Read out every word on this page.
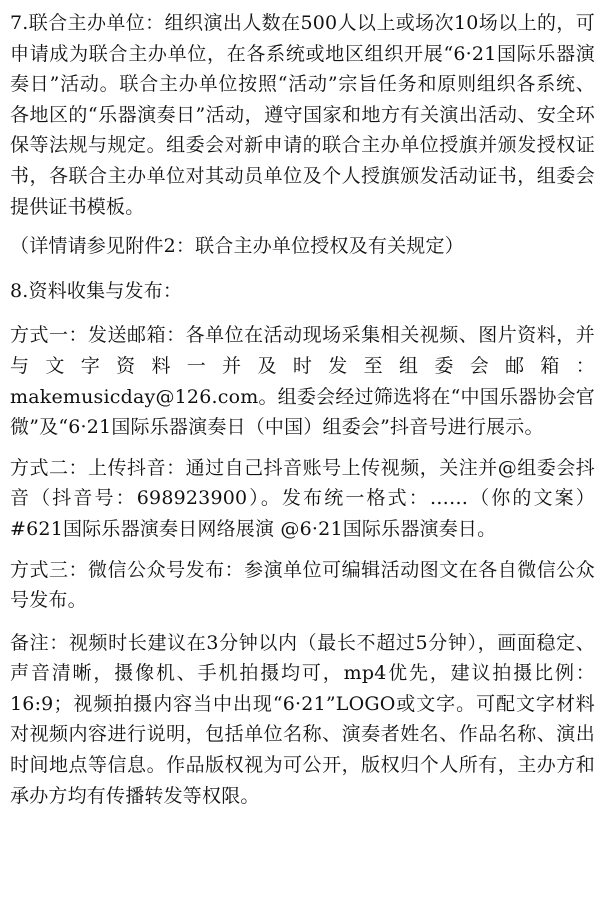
7.联合主办单位：组织演出人数在500人以上或场次10场以上的，可申请成为联合主办单位，在各系统或地区组织开展“6·21国际乐器演奏日”活动。联合主办单位按照“活动”宗旨任务和原则组织各系统、各地区的“乐器演奏日”活动，遵守国家和地方有关演出活动、安全环保等法规与规定。组委会对新申请的联合主办单位授旗并颁发授权证书，各联合主办单位对其动员单位及个人授旗颁发活动证书，组委会提供证书模板。

（详情请参见附件2：联合主办单位授权及有关规定）

8.资料收集与发布：

方式一：发送邮箱：各单位在活动现场采集相关视频、图片资料，并与文字资料一并及时发至组委会邮箱：makemusicday@126.com。组委会经过筛选将在“中国乐器协会官微”及“6·21国际乐器演奏日（中国）组委会”抖音号进行展示。

方式二：上传抖音：通过自己抖音账号上传视频，关注并@组委会抖音（抖音号：698923900）。发布统一格式：……（你的文案）#621国际乐器演奏日网络展演 @6·21国际乐器演奏日。

方式三：微信公众号发布：参演单位可编辑活动图文在各自微信公众号发布。

备注：视频时长建议在3分钟以内（最长不超过5分钟），画面稳定、声音清晰，摄像机、手机拍摄均可，mp4优先，建议拍摄比例：16:9；视频拍摄内容当中出现“6·21”LOGO或文字。可配文字材料对视频内容进行说明，包括单位名称、演奏者姓名、作品名称、演出时间地点等信息。作品版权视为可公开，版权归个人所有，主办方和承办方均有传播转发等权限。
